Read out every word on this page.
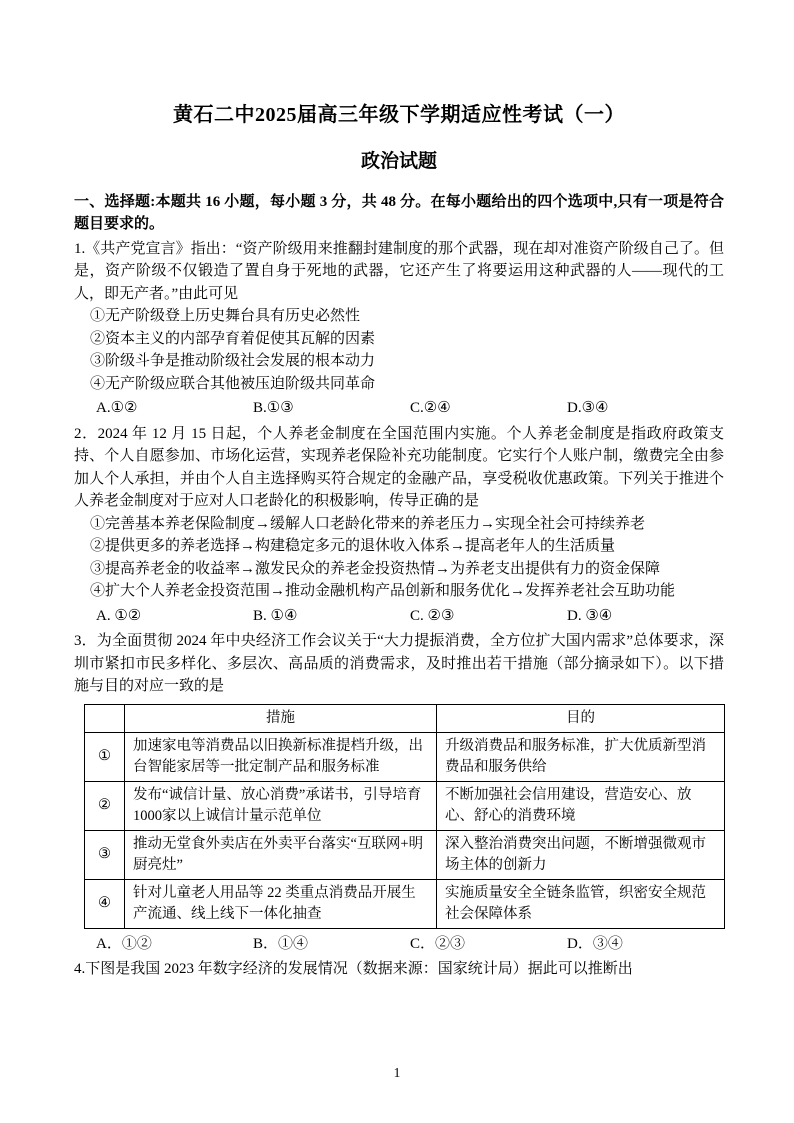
黄石二中2025届高三年级下学期适应性考试（一）
政治试题

一、选择题:本题共 16 小题，每小题 3 分，共 48 分。在每小题给出的四个选项中,只有一项是符合题目要求的。

1.《共产党宣言》指出：“资产阶级用来推翻封建制度的那个武器，现在却对准资产阶级自己了。但是，资产阶级不仅锻造了置自身于死地的武器，它还产生了将要运用这种武器的人——现代的工人，即无产者。”由此可见

①无产阶级登上历史舞台具有历史必然性

②资本主义的内部孕育着促使其瓦解的因素

③阶级斗争是推动阶级社会发展的根本动力

④无产阶级应联合其他被压迫阶级共同革命

A.①②	B.①③	C.②④	D.③④

2．2024 年 12 月 15 日起，个人养老金制度在全国范围内实施。个人养老金制度是指政府政策支持、个人自愿参加、市场化运营，实现养老保险补充功能制度。它实行个人账户制，缴费完全由参加人个人承担，并由个人自主选择购买符合规定的金融产品，享受税收优惠政策。下列关于推进个人养老金制度对于应对人口老龄化的积极影响，传导正确的是

①完善基本养老保险制度→缓解人口老龄化带来的养老压力→实现全社会可持续养老

②提供更多的养老选择→构建稳定多元的退休收入体系→提高老年人的生活质量

③提高养老金的收益率→激发民众的养老金投资热情→为养老支出提供有力的资金保障

④扩大个人养老金投资范围→推动金融机构产品创新和服务优化→发挥养老社会互助功能

A. ①②	B. ①④	C. ②③	D. ③④

3．为全面贯彻 2024 年中央经济工作会议关于“大力提振消费，全方位扩大国内需求”总体要求，深圳市紧扣市民多样化、多层次、高品质的消费需求，及时推出若干措施（部分摘录如下）。以下措施与目的对应一致的是

	措施	目的
①	加速家电等消费品以旧换新标准提档升级，出台智能家居等一批定制产品和服务标准	升级消费品和服务标准，扩大优质新型消费品和服务供给
②	发布“诚信计量、放心消费”承诺书，引导培育1000家以上诚信计量示范单位	不断加强社会信用建设，营造安心、放心、舒心的消费环境
③	推动无堂食外卖店在外卖平台落实“互联网+明厨亮灶”	深入整治消费突出问题，不断增强微观市场主体的创新力
④	针对儿童老人用品等 22 类重点消费品开展生产流通、线上线下一体化抽查	实施质量安全全链条监管，织密安全规范社会保障体系
A．①②	B．①④	C．②③	D．③④

4.下图是我国 2023 年数字经济的发展情况（数据来源：国家统计局）据此可以推断出

1
